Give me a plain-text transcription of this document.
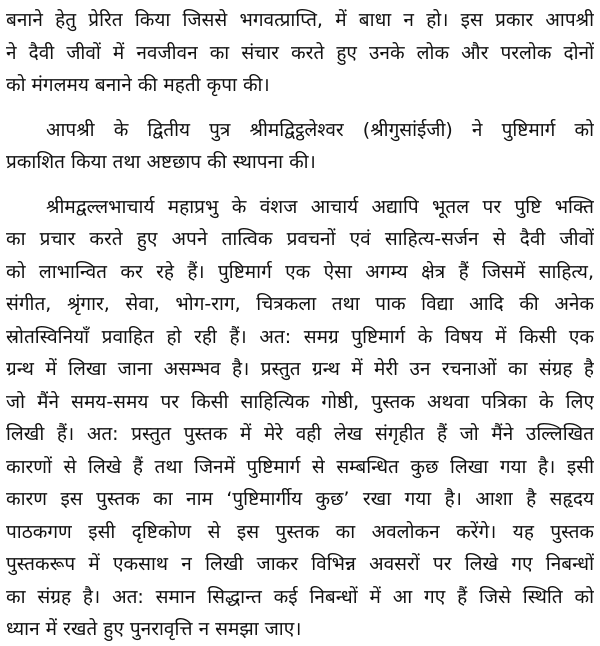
बनाने हेतु प्रेरित किया जिससे भगवत्प्राप्ति, में बाधा न हो। इस प्रकार आपश्री
ने दैवी जीवों में नवजीवन का संचार करते हुए उनके लोक और परलोक दोनों
को मंगलमय बनाने की महती कृपा की।
आपश्री के द्वितीय पुत्र श्रीमद्विट्ठलेश्वर (श्रीगुसांईजी) ने पुष्टिमार्ग को
प्रकाशित किया तथा अष्टछाप की स्थापना की।
श्रीमद्वल्लभाचार्य महाप्रभु के वंशज आचार्य अद्यापि भूतल पर पुष्टि भक्ति
का प्रचार करते हुए अपने तात्विक प्रवचनों एवं साहित्य-सर्जन से दैवी जीवों
को लाभान्वित कर रहे हैं। पुष्टिमार्ग एक ऐसा अगम्य क्षेत्र हैं जिसमें साहित्य,
संगीत, श्रृंगार, सेवा, भोग-राग, चित्रकला तथा पाक विद्या आदि की अनेक
स्रोतस्विनियाँ प्रवाहित हो रही हैं। अत: समग्र पुष्टिमार्ग के विषय में किसी एक
ग्रन्थ में लिखा जाना असम्भव है। प्रस्तुत ग्रन्थ में मेरी उन रचनाओं का संग्रह है
जो मैंने समय-समय पर किसी साहित्यिक गोष्ठी, पुस्तक अथवा पत्रिका के लिए
लिखी हैं। अत: प्रस्तुत पुस्तक में मेरे वही लेख संगृहीत हैं जो मैंने उल्लिखित
कारणों से लिखे हैं तथा जिनमें पुष्टिमार्ग से सम्बन्धित कुछ लिखा गया है। इसी
कारण इस पुस्तक का नाम ‘पुष्टिमार्गीय कुछ’ रखा गया है। आशा है सहृदय
पाठकगण इसी दृष्टिकोण से इस पुस्तक का अवलोकन करेंगे। यह पुस्तक
पुस्तकरूप में एकसाथ न लिखी जाकर विभिन्न अवसरों पर लिखे गए निबन्धों
का संग्रह है। अत: समान सिद्धान्त कई निबन्धों में आ गए हैं जिसे स्थिति को
ध्यान में रखते हुए पुनरावृत्ति न समझा जाए।
